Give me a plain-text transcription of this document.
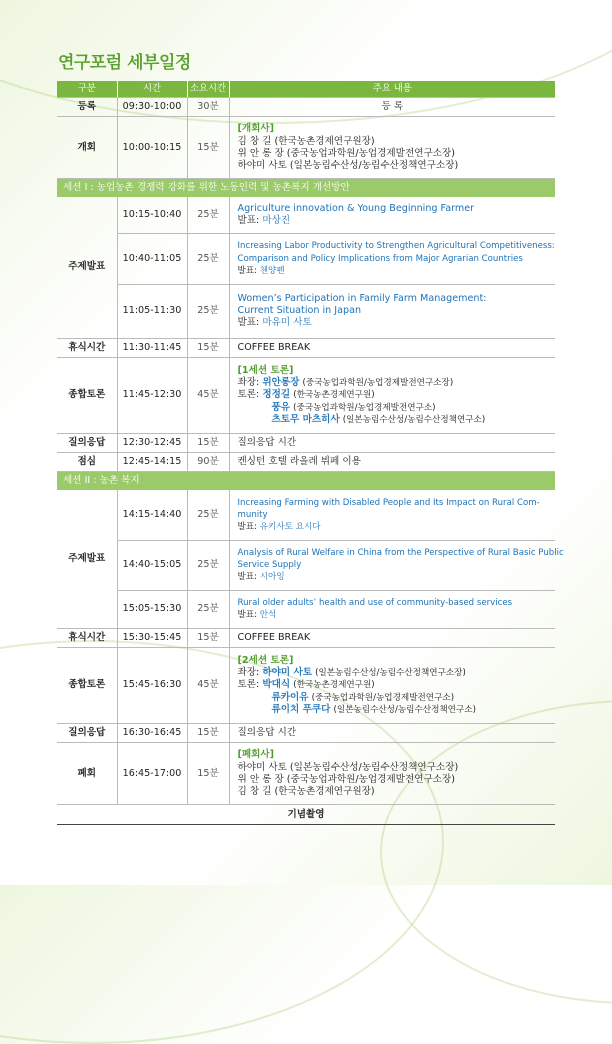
연구포럼 세부일정
구분	시간	소요시간	주요 내용
등록	09:30-10:00	30분	등 록
개회	10:00-10:15	15분	[개회사]
김 창 길 (한국농촌경제연구원장)
위 안 롱 장 (중국농업과학원/농업경제발전연구소장)
하야미 사토 (일본농림수산성/농림수산정책연구소장)

세션 I : 농업농촌 경쟁력 강화를 위한 노동인력 및 농촌복지 개선방안			
주제발표	10:15-10:40	25분	Agriculture innovation & Young Beginning Farmer
발표: 마상진

	10:40-11:05	25분	Increasing Labor Productivity to Strengthen Agricultural Competitiveness:
Comparison and Policy Implications from Major Agrarian Countries
발표: 첸양펜

	11:05-11:30	25분	Women’s Participation in Family Farm Management:
Current Situation in Japan
발표: 마유미 사토

휴식시간	11:30-11:45	15분	COFFEE BREAK
종합토론	11:45-12:30	45분	[1세션 토론]
좌장: 위안롱장 (중국농업과학원/농업경제발전연구소장)
토론: 정정길 (한국농촌경제연구원)
풍유 (중국농업과학원/농업경제발전연구소)
츠토무 마츠히사 (일본농림수산성/농림수산정책연구소)

질의응답	12:30-12:45	15분	질의응답 시간
점심	12:45-14:15	90분	켄싱턴 호텔 라올레 뷔페 이용
세션 II : 농촌 복지			
주제발표	14:15-14:40	25분	Increasing Farming with Disabled People and Its Impact on Rural Com-
munity
발표: 유키사토 요시다

	14:40-15:05	25분	Analysis of Rural Welfare in China from the Perspective of Rural Basic Public
Service Supply
발표: 시아잉

	15:05-15:30	25분	Rural older adults’ health and use of community-based services
발표: 안석

휴식시간	15:30-15:45	15분	COFFEE BREAK
종합토론	15:45-16:30	45분	[2세션 토론]
좌장: 하야미 사토 (일본농림수산성/농림수산정책연구소장)
토론: 박대식 (한국농촌경제연구원)
류카이유 (중국농업과학원/농업경제발전연구소)
류이치 푸쿠다 (일본농림수산성/농림수산정책연구소)

질의응답	16:30-16:45	15분	질의응답 시간
폐회	16:45-17:00	15분	[폐회사]
하야미 사토 (일본농림수산성/농림수산정책연구소장)
위 안 롱 장 (중국농업과학원/농업경제발전연구소장)
김 창 길 (한국농촌경제연구원장)

기념촬영			
